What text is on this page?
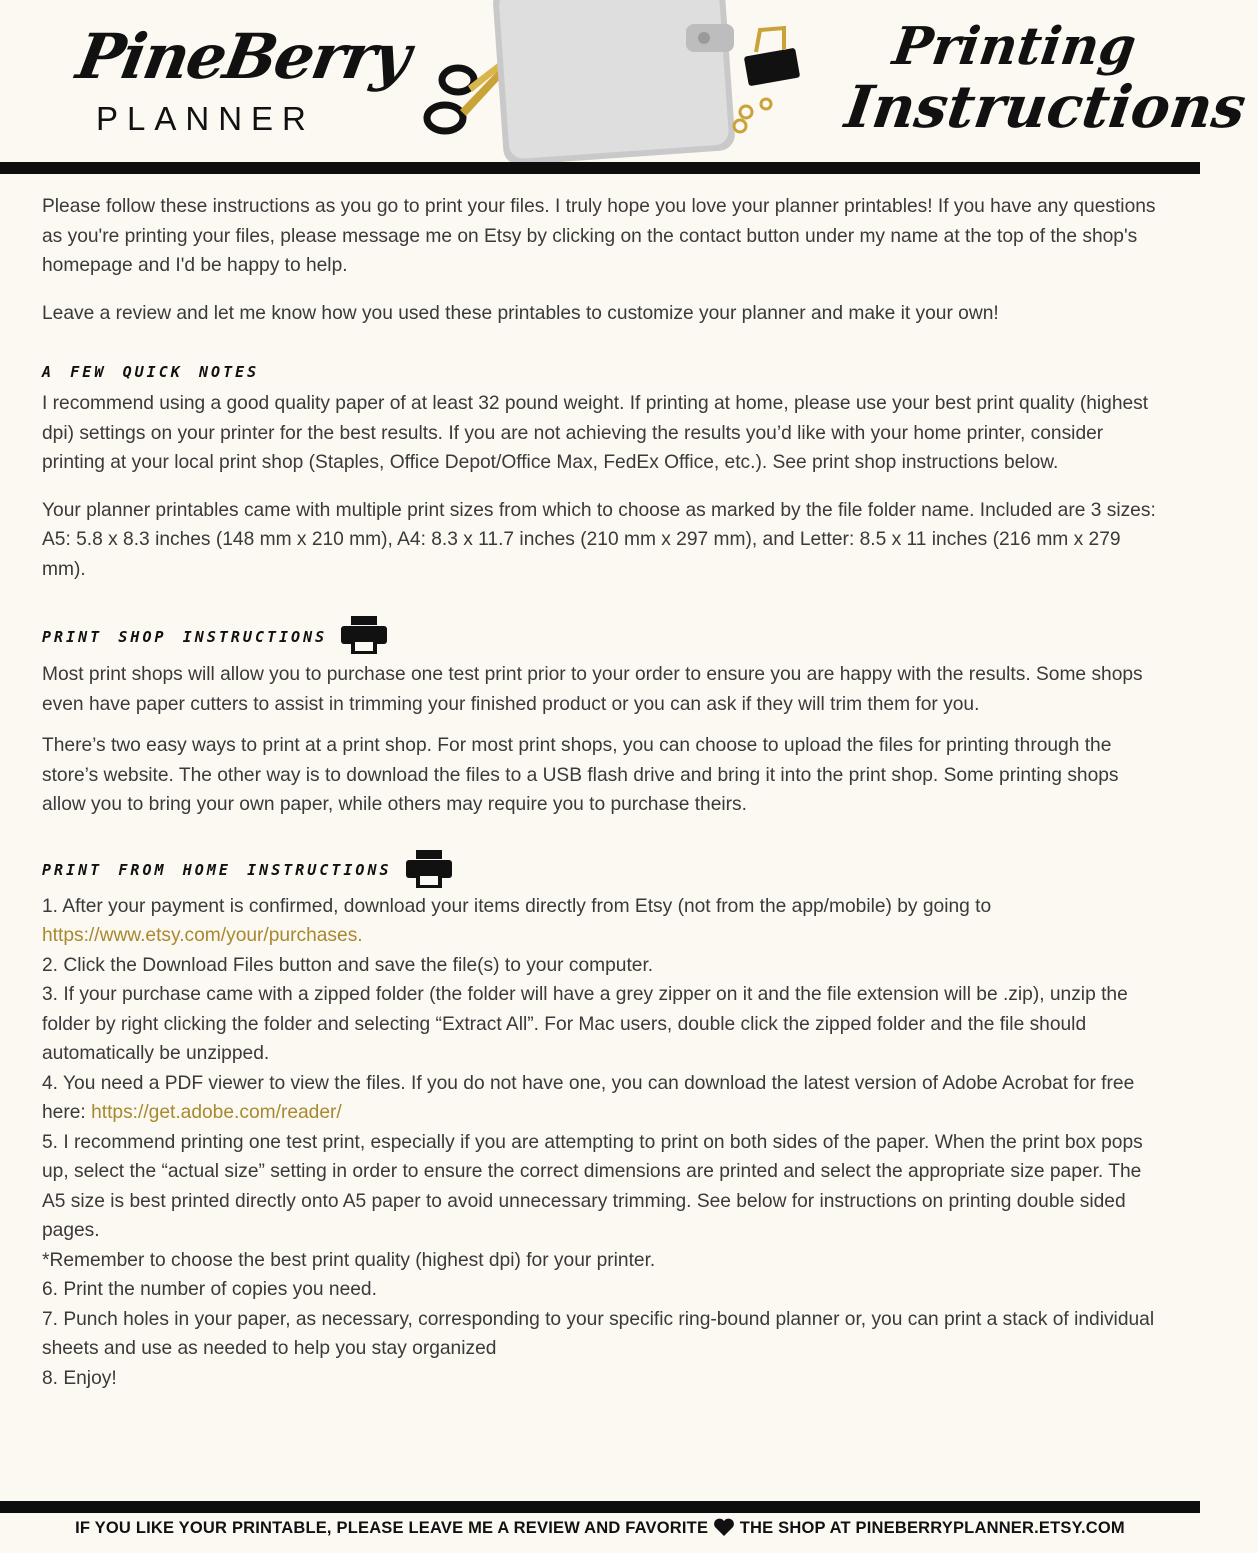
PineBerry
PLANNER
Printing
Instructions

Please follow these instructions as you go to print your files. I truly hope you love your planner printables! If you have any questions as you're printing your files, please message me on Etsy by clicking on the contact button under my name at the top of the shop's homepage and I'd be happy to help.

Leave a review and let me know how you used these printables to customize your planner and make it your own!

a few quick notes

I recommend using a good quality paper of at least 32 pound weight. If printing at home, please use your best print quality (highest dpi) settings on your printer for the best results. If you are not achieving the results you’d like with your home printer, consider printing at your local print shop (Staples, Office Depot/Office Max, FedEx Office, etc.). See print shop instructions below.

Your planner printables came with multiple print sizes from which to choose as marked by the file folder name. Included are 3 sizes: A5: 5.8 x 8.3 inches (148 mm x 210 mm), A4: 8.3 x 11.7 inches (210 mm x 297 mm), and Letter: 8.5 x 11 inches (216 mm x 279 mm).

print shop instructions

Most print shops will allow you to purchase one test print prior to your order to ensure you are happy with the results. Some shops even have paper cutters to assist in trimming your finished product or you can ask if they will trim them for you.

There’s two easy ways to print at a print shop. For most print shops, you can choose to upload the files for printing through the store’s website. The other way is to download the files to a USB flash drive and bring it into the print shop. Some printing shops allow you to bring your own paper, while others may require you to purchase theirs.

print from home instructions
1. After your payment is confirmed, download your items directly from Etsy (not from the app/mobile) by going to
https://www.etsy.com/your/purchases.
2. Click the Download Files button and save the file(s) to your computer.
3. If your purchase came with a zipped folder (the folder will have a grey zipper on it and the file extension will be .zip), unzip the folder by right clicking the folder and selecting “Extract All”. For Mac users, double click the zipped folder and the file should automatically be unzipped.
4. You need a PDF viewer to view the files. If you do not have one, you can download the latest version of Adobe Acrobat for free here: https://get.adobe.com/reader/
5. I recommend printing one test print, especially if you are attempting to print on both sides of the paper. When the print box pops up, select the “actual size” setting in order to ensure the correct dimensions are printed and select the appropriate size paper. The A5 size is best printed directly onto A5 paper to avoid unnecessary trimming. See below for instructions on printing double sided pages.
*Remember to choose the best print quality (highest dpi) for your printer.
6. Print the number of copies you need.
7. Punch holes in your paper, as necessary, corresponding to your specific ring-bound planner or, you can print a stack of individual sheets and use as needed to help you stay organized
8. Enjoy!
IF YOU LIKE YOUR PRINTABLE, PLEASE LEAVE ME A REVIEW AND FAVORITE THE SHOP AT PINEBERRYPLANNER.ETSY.COM
